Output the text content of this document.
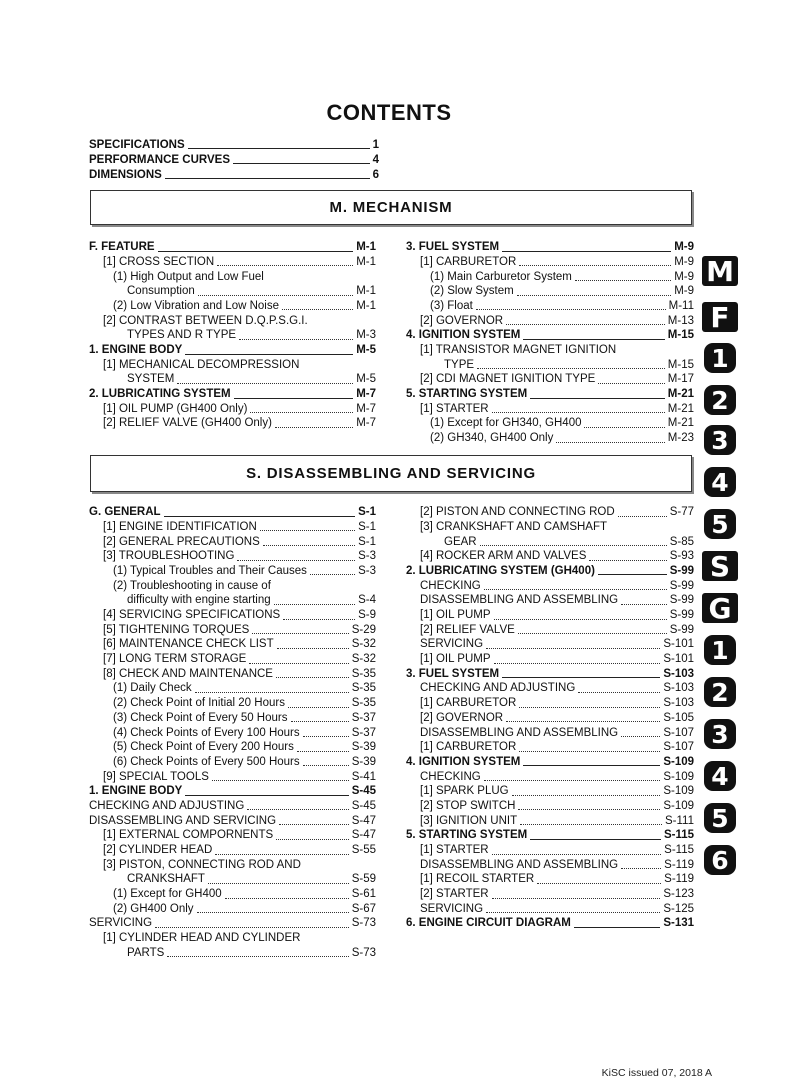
CONTENTS
SPECIFICATIONS	1
PERFORMANCE CURVES	4
DIMENSIONS	6
M. MECHANISM
F. FEATURE	M-1
[1] CROSS SECTION	M-1
(1) High Output and Low Fuel
Consumption	M-1
(2) Low Vibration and Low Noise	M-1
[2] CONTRAST BETWEEN D.Q.P.S.G.I.
TYPES AND R TYPE	M-3
1. ENGINE BODY	M-5
[1] MECHANICAL DECOMPRESSION
SYSTEM	M-5
2. LUBRICATING SYSTEM	M-7
[1] OIL PUMP (GH400 Only)	M-7
[2] RELIEF VALVE (GH400 Only)	M-7
3. FUEL SYSTEM	M-9
[1] CARBURETOR	M-9
(1) Main Carburetor System	M-9
(2) Slow System	M-9
(3) Float	M-11
[2] GOVERNOR	M-13
4. IGNITION SYSTEM	M-15
[1] TRANSISTOR MAGNET IGNITION
TYPE	M-15
[2] CDI MAGNET IGNITION TYPE	M-17
5. STARTING SYSTEM	M-21
[1] STARTER	M-21
(1) Except for GH340, GH400	M-21
(2) GH340, GH400 Only	M-23
S. DISASSEMBLING AND SERVICING
G. GENERAL	S-1
[1] ENGINE IDENTIFICATION	S-1
[2] GENERAL PRECAUTIONS	S-1
[3] TROUBLESHOOTING	S-3
(1) Typical Troubles and Their Causes	S-3
(2) Troubleshooting in cause of
difficulty with engine starting	S-4
[4] SERVICING SPECIFICATIONS	S-9
[5] TIGHTENING TORQUES	S-29
[6] MAINTENANCE CHECK LIST	S-32
[7] LONG TERM STORAGE	S-32
[8] CHECK AND MAINTENANCE	S-35
(1) Daily Check	S-35
(2) Check Point of Initial 20 Hours	S-35
(3) Check Point of Every 50 Hours	S-37
(4) Check Points of Every 100 Hours	S-37
(5) Check Point of Every 200 Hours	S-39
(6) Check Points of Every 500 Hours	S-39
[9] SPECIAL TOOLS	S-41
1. ENGINE BODY	S-45
CHECKING AND ADJUSTING	S-45
DISASSEMBLING AND SERVICING	S-47
[1] EXTERNAL COMPORNENTS	S-47
[2] CYLINDER HEAD	S-55
[3] PISTON, CONNECTING ROD AND
CRANKSHAFT	S-59
(1) Except for GH400	S-61
(2) GH400 Only	S-67
SERVICING	S-73
[1] CYLINDER HEAD AND CYLINDER
PARTS	S-73
[2] PISTON AND CONNECTING ROD	S-77
[3] CRANKSHAFT AND CAMSHAFT
GEAR	S-85
[4] ROCKER ARM AND VALVES	S-93
2. LUBRICATING SYSTEM (GH400)	S-99
CHECKING	S-99
DISASSEMBLING AND ASSEMBLING	S-99
[1] OIL PUMP	S-99
[2] RELIEF VALVE	S-99
SERVICING	S-101
[1] OIL PUMP	S-101
3. FUEL SYSTEM	S-103
CHECKING AND ADJUSTING	S-103
[1] CARBURETOR	S-103
[2] GOVERNOR	S-105
DISASSEMBLING AND ASSEMBLING	S-107
[1] CARBURETOR	S-107
4. IGNITION SYSTEM	S-109
CHECKING	S-109
[1] SPARK PLUG	S-109
[2] STOP SWITCH	S-109
[3] IGNITION UNIT	S-111
5. STARTING SYSTEM	S-115
[1] STARTER	S-115
DISASSEMBLING AND ASSEMBLING	S-119
[1] RECOIL STARTER	S-119
[2] STARTER	S-123
SERVICING	S-125
6. ENGINE CIRCUIT DIAGRAM	S-131
M
F
1
2
3
4
5
S
G
1
2
3
4
5
6
KiSC issued 07, 2018 A
